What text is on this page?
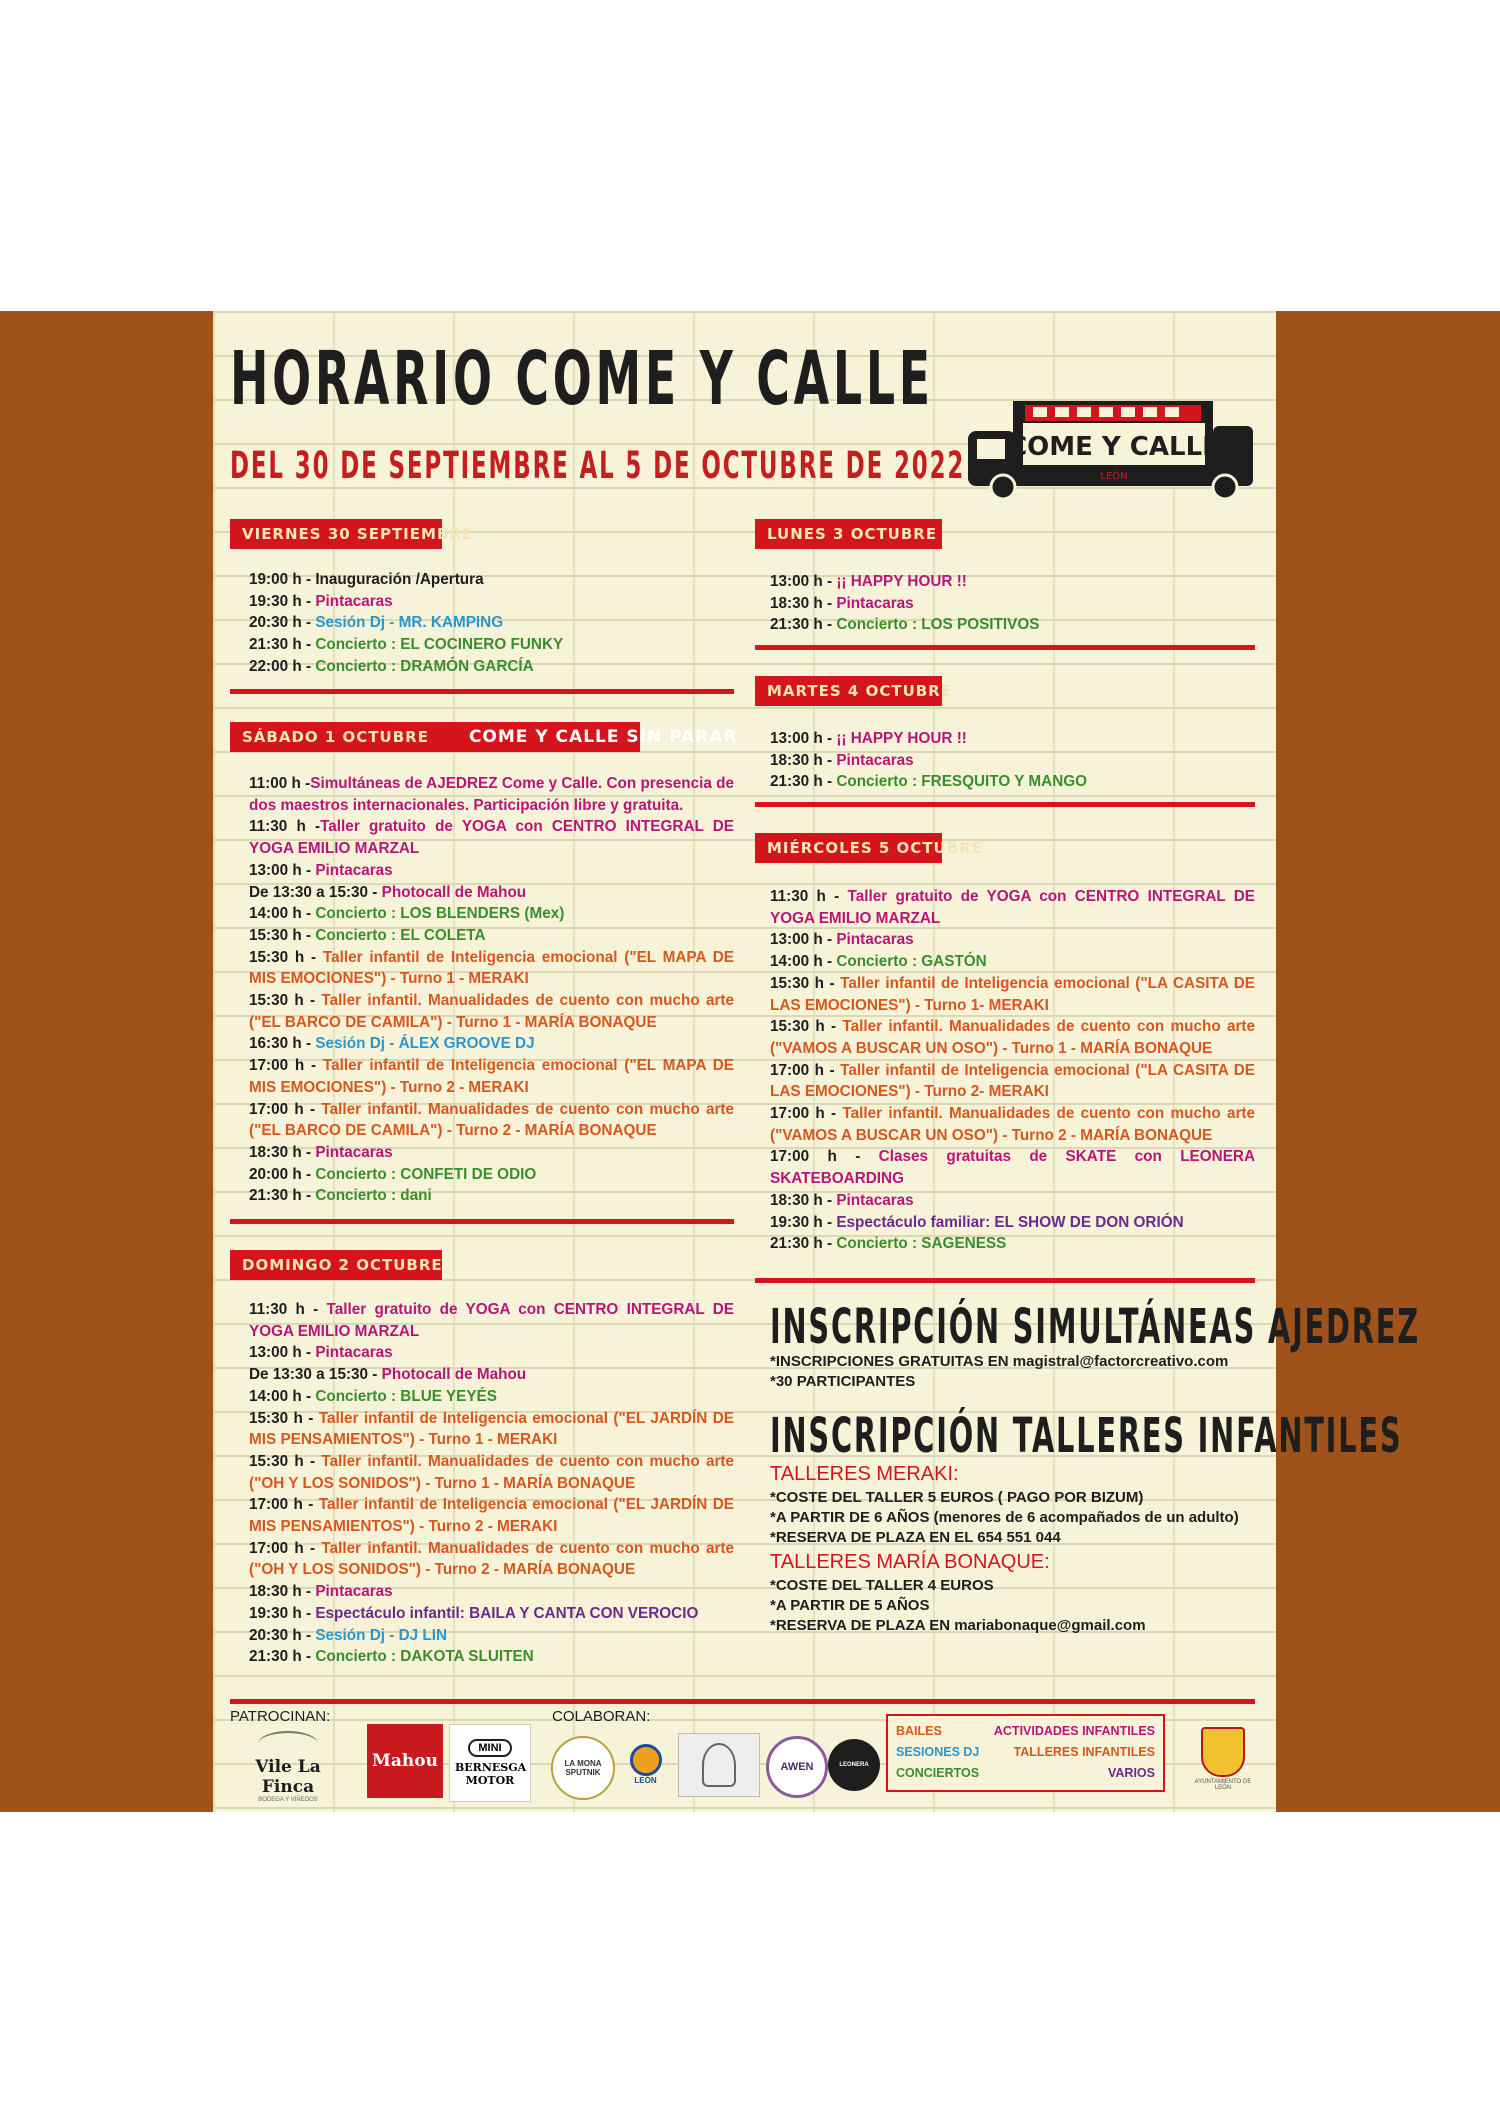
HORARIO COME Y CALLE
DEL 30 DE SEPTIEMBRE AL 5 DE OCTUBRE DE 2022 COME Y CALLE
LEÓN
VIERNES 30 SEPTIEMBRE

19:00 h - Inauguración /Apertura

19:30 h - Pintacaras

20:30 h - Sesión Dj - MR. KAMPING

21:30 h - Concierto : EL COCINERO FUNKY

22:00 h - Concierto : DRAMÓN GARCÍA

SÁBADO 1 OCTUBRE COME Y CALLE SIN PARAR

11:00 h -Simultáneas de AJEDREZ Come y Calle. Con presencia de dos maestros internacionales. Participación libre y gratuita.

11:30 h -Taller gratuito de YOGA con CENTRO INTEGRAL DE YOGA EMILIO MARZAL

13:00 h - Pintacaras

De 13:30 a 15:30 - Photocall de Mahou

14:00 h - Concierto : LOS BLENDERS (Mex)

15:30 h - Concierto : EL COLETA

15:30 h - Taller infantil de Inteligencia emocional ("EL MAPA DE MIS EMOCIONES") - Turno 1 - MERAKI

15:30 h - Taller infantil. Manualidades de cuento con mucho arte ("EL BARCO DE CAMILA") - Turno 1 - MARÍA BONAQUE

16:30 h - Sesión Dj - ÁLEX GROOVE DJ

17:00 h - Taller infantil de Inteligencia emocional ("EL MAPA DE MIS EMOCIONES") - Turno 2 - MERAKI

17:00 h - Taller infantil. Manualidades de cuento con mucho arte ("EL BARCO DE CAMILA") - Turno 2 - MARÍA BONAQUE

18:30 h - Pintacaras

20:00 h - Concierto : CONFETI DE ODIO

21:30 h - Concierto : dani

DOMINGO 2 OCTUBRE

11:30 h - Taller gratuito de YOGA con CENTRO INTEGRAL DE YOGA EMILIO MARZAL

13:00 h - Pintacaras

De 13:30 a 15:30 - Photocall de Mahou

14:00 h - Concierto : BLUE YEYÉS

15:30 h - Taller infantil de Inteligencia emocional ("EL JARDÍN DE MIS PENSAMIENTOS") - Turno 1 - MERAKI

15:30 h - Taller infantil. Manualidades de cuento con mucho arte ("OH Y LOS SONIDOS") - Turno 1 - MARÍA BONAQUE

17:00 h - Taller infantil de Inteligencia emocional ("EL JARDÍN DE MIS PENSAMIENTOS") - Turno 2 - MERAKI

17:00 h - Taller infantil. Manualidades de cuento con mucho arte ("OH Y LOS SONIDOS") - Turno 2 - MARÍA BONAQUE

18:30 h - Pintacaras

19:30 h - Espectáculo infantil: BAILA Y CANTA CON VEROCIO

20:30 h - Sesión Dj - DJ LIN

21:30 h - Concierto : DAKOTA SLUITEN

LUNES 3 OCTUBRE

13:00 h - ¡¡ HAPPY HOUR !!

18:30 h - Pintacaras

21:30 h - Concierto : LOS POSITIVOS

MARTES 4 OCTUBRE

13:00 h - ¡¡ HAPPY HOUR !!

18:30 h - Pintacaras

21:30 h - Concierto : FRESQUITO Y MANGO

MIÉRCOLES 5 OCTUBRE

11:30 h - Taller gratuito de YOGA con CENTRO INTEGRAL DE YOGA EMILIO MARZAL

13:00 h - Pintacaras

14:00 h - Concierto : GASTÓN

15:30 h - Taller infantil de Inteligencia emocional ("LA CASITA DE LAS EMOCIONES") - Turno 1- MERAKI

15:30 h - Taller infantil. Manualidades de cuento con mucho arte ("VAMOS A BUSCAR UN OSO") - Turno 1 - MARÍA BONAQUE

17:00 h - Taller infantil de Inteligencia emocional ("LA CASITA DE LAS EMOCIONES") - Turno 2- MERAKI

17:00 h - Taller infantil. Manualidades de cuento con mucho arte ("VAMOS A BUSCAR UN OSO") - Turno 2 - MARÍA BONAQUE

17:00 h - Clases gratuitas de SKATE con LEONERA SKATEBOARDING

18:30 h - Pintacaras

19:30 h - Espectáculo familiar: EL SHOW DE DON ORIÓN

21:30 h - Concierto : SAGENESS

INSCRIPCIÓN SIMULTÁNEAS AJEDREZ
*INSCRIPCIONES GRATUITAS EN magistral@factorcreativo.com
*30 PARTICIPANTES
INSCRIPCIÓN TALLERES INFANTILES
TALLERES MERAKI:
*COSTE DEL TALLER 5 EUROS ( PAGO POR BIZUM)
*A PARTIR DE 6 AÑOS (menores de 6 acompañados de un adulto)
*RESERVA DE PLAZA EN EL 654 551 044
TALLERES MARÍA BONAQUE:
*COSTE DEL TALLER 4 EUROS
*A PARTIR DE 5 AÑOS
*RESERVA DE PLAZA EN mariabonaque@gmail.com
PATROCINAN:	COLABORAN:
Vile La Finca
BODEGA Y VIÑEDOS
Mahou
MINI
BERNESGA MOTOR
LA MONA SPUTNIK
LEÓN
AWEN	LEONERA
BAILES
SESIONES DJ
CONCIERTOS
ACTIVIDADES INFANTILES
TALLERES INFANTILES
VARIOS
AYUNTAMIENTO DE LEÓN
